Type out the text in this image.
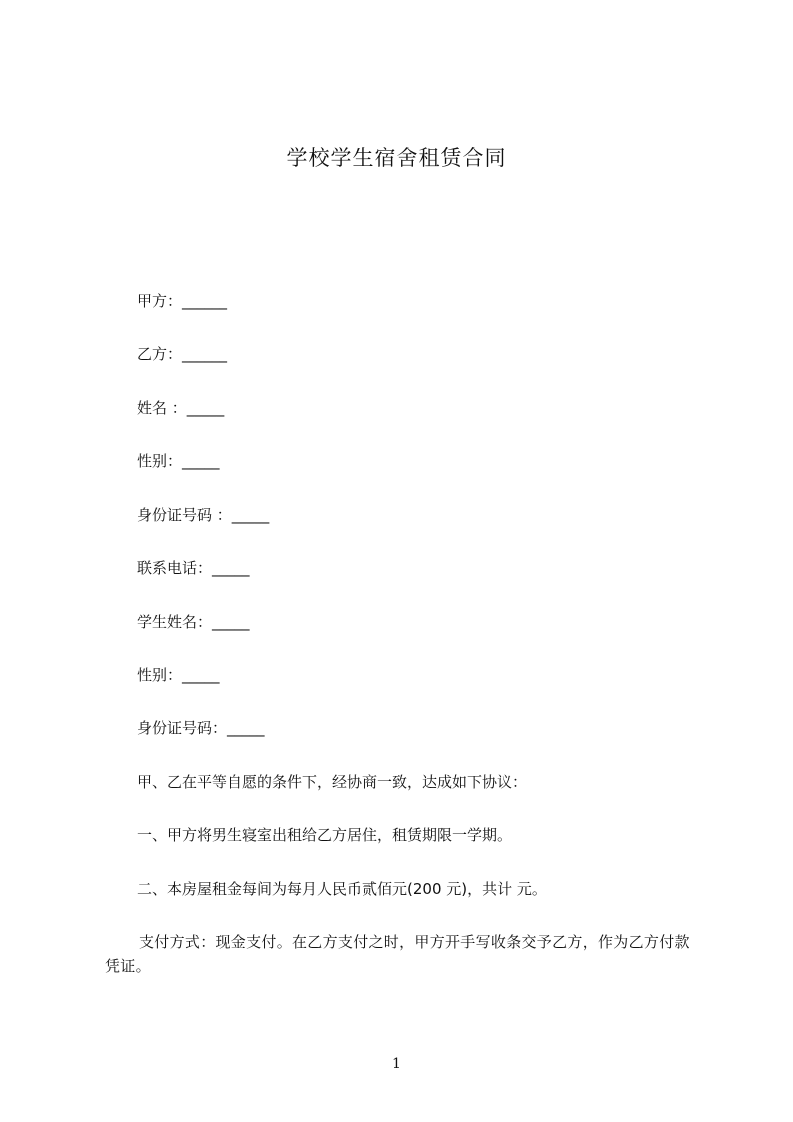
学校学生宿舍租赁合同
甲方：______
乙方：______
姓名 ：_____
性别：_____
身份证号码 ：_____
联系电话：_____
学生姓名：_____
性别：_____
身份证号码：_____
甲、乙在平等自愿的条件下，经协商一致，达成如下协议：
一、甲方将男生寝室出租给乙方居住，租赁期限一学期。
二、本房屋租金每间为每月人民币贰佰元(200 元)，共计 元。
支付方式：现金支付。在乙方支付之时，甲方开手写收条交予乙方，作为乙方付款凭证。
1
